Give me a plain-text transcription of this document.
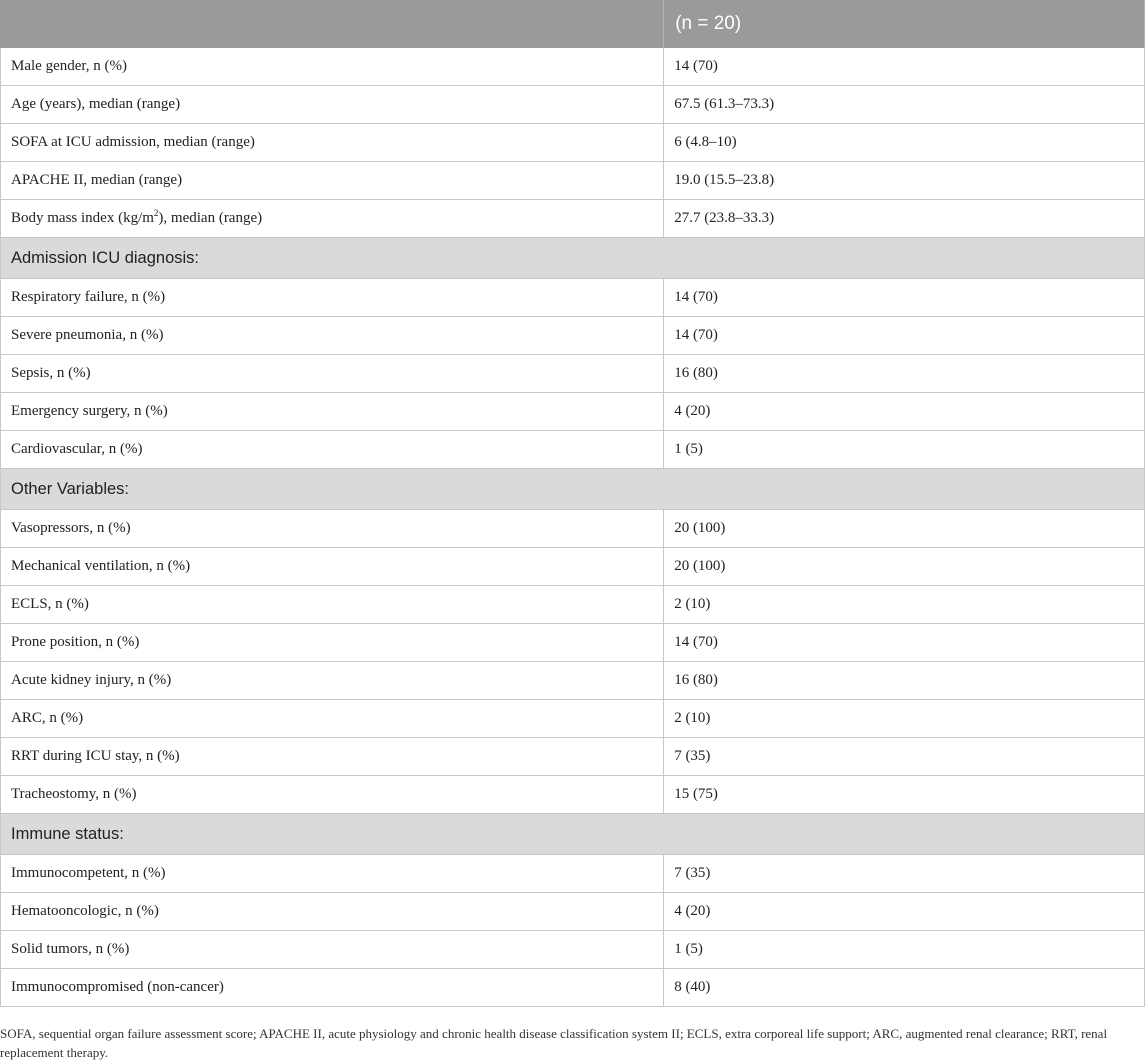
	(n = 20)
Male gender, n (%)	14 (70)
Age (years), median (range)	67.5 (61.3–73.3)
SOFA at ICU admission, median (range)	6 (4.8–10)
APACHE II, median (range)	19.0 (15.5–23.8)
Body mass index $(kg/m^2)$, median (range)	27.7 (23.8–33.3)
Admission ICU diagnosis:	
Respiratory failure, n (%)	14 (70)
Severe pneumonia, n (%)	14 (70)
Sepsis, n (%)	16 (80)
Emergency surgery, n (%)	4 (20)
Cardiovascular, n (%)	1 (5)
Other Variables:	
Vasopressors, n (%)	20 (100)
Mechanical ventilation, n (%)	20 (100)
ECLS, n (%)	2 (10)
Prone position, n (%)	14 (70)
Acute kidney injury, n (%)	16 (80)
ARC, n (%)	2 (10)
RRT during ICU stay, n (%)	7 (35)
Tracheostomy, n (%)	15 (75)
Immune status:	
Immunocompetent, n (%)	7 (35)
Hematooncologic, n (%)	4 (20)
Solid tumors, n (%)	1 (5)
Immunocompromised (non-cancer)	8 (40)
SOFA, sequential organ failure assessment score; APACHE II, acute physiology and chronic health disease classification system II; ECLS, extra corporeal life support; ARC, augmented renal clearance; RRT, renal replacement therapy.
